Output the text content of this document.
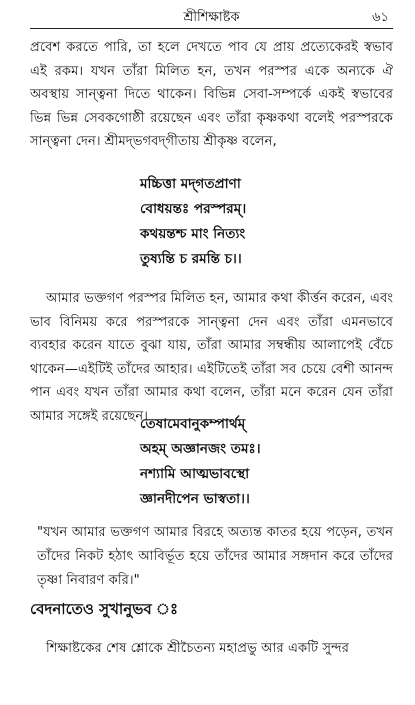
শ্রীশিক্ষাষ্টক	৬১
প্রবেশ করতে পারি, তা হলে দেখতে পাব যে প্রায় প্রত্যেকেরই স্বভাব এই রকম। যখন তাঁরা মিলিত হন, তখন পরস্পর একে অন্যকে ঐ অবস্থায় সান্ত্বনা দিতে থাকেন। বিভিন্ন সেবা-সম্পর্কে একই স্বভাবের ভিন্ন ভিন্ন সেবকগোষ্ঠী রয়েছেন এবং তাঁরা কৃষ্ণকথা বলেই পরস্পরকে সান্ত্বনা দেন। শ্রীমদ্‌ভগবদ্‌গীতায় শ্রীকৃষ্ণ বলেন,
মচ্চিত্তা মদ্‌গতপ্রাণা
বোধয়ন্তঃ পরস্পরম্‌।
কথয়ন্তশ্চ মাং নিত্যং
তুষ্যন্তি চ রমন্তি চ।।
আমার ভক্তগণ পরস্পর মিলিত হন, আমার কথা কীর্ত্তন করেন, এবং ভাব বিনিময় করে পরস্পরকে সান্ত্বনা দেন এবং তাঁরা এমনভাবে ব্যবহার করেন যাতে বুঝা যায়, তাঁরা আমার সম্বন্ধীয় আলাপেই বেঁচে থাকেন—এইটিই তাঁদের আহার। এইটিতেই তাঁরা সব চেয়ে বেশী আনন্দ পান এবং যখন তাঁরা আমার কথা বলেন, তাঁরা মনে করেন যেন তাঁরা আমার সঙ্গেই রয়েছেন।
তেষামেবানুকম্পার্থম্‌
অহম্‌ অজ্ঞানজং তমঃ।
নশ্যামি আত্মভাবস্থো
জ্ঞানদীপেন ভাস্বতা।।
"যখন আমার ভক্তগণ আমার বিরহে অত্যন্ত কাতর হয়ে পড়েন, তখন তাঁদের নিকট হঠাৎ আবির্ভূত হয়ে তাঁদের আমার সঙ্গদান করে তাঁদের তৃষ্ণা নিবারণ করি।"
বেদনাতেও সুখানুভব ঃ
শিক্ষাষ্টকের শেষ শ্লোকে শ্রীচৈতন্য মহাপ্রভু আর একটি সুন্দর
